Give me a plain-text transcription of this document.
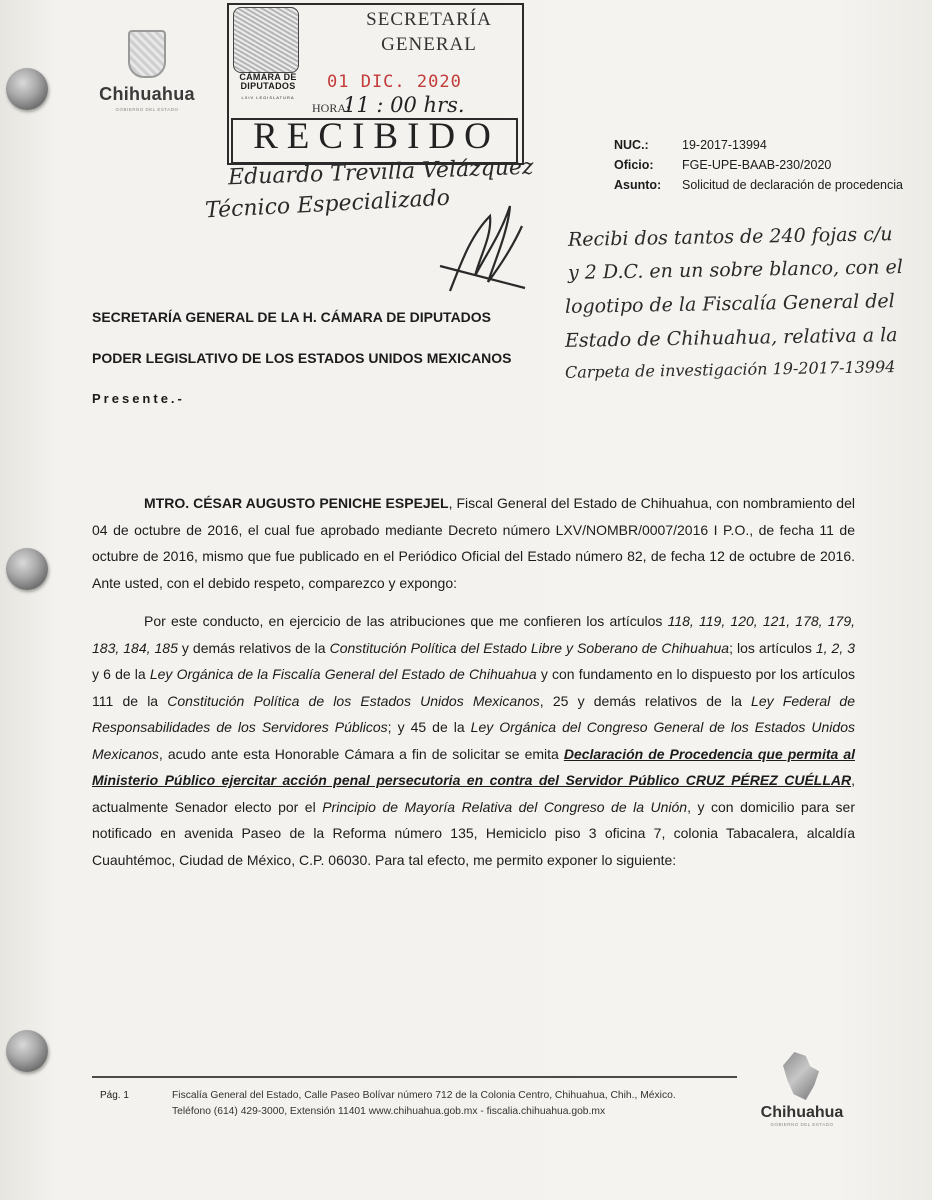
Chihuahua
GOBIERNO DEL ESTADO
CÁMARA DE
DIPUTADOS
LXIV LEGISLATURA
SECRETARÍA
GENERAL
01 DIC. 2020
HORA:
11 : 00 hrs.
RECIBIDO
Eduardo Trevilla Velázquez
Técnico Especializado
Recibi dos tantos de 240 fojas c/u
y 2 D.C. en un sobre blanco, con el
logotipo de la Fiscalía General del
Estado de Chihuahua, relativa a la
Carpeta de investigación 19-2017-13994
NUC.:	19-2017-13994
Oficio:	FGE-UPE-BAAB-230/2020
Asunto:	Solicitud de declaración de procedencia
SECRETARÍA GENERAL DE LA H. CÁMARA DE DIPUTADOS
PODER LEGISLATIVO DE LOS ESTADOS UNIDOS MEXICANOS
Presente.-

MTRO. CÉSAR AUGUSTO PENICHE ESPEJEL, Fiscal General del Estado de Chihuahua, con nombramiento del 04 de octubre de 2016, el cual fue aprobado mediante Decreto número LXV/NOMBR/0007/2016 I P.O., de fecha 11 de octubre de 2016, mismo que fue publicado en el Periódico Oficial del Estado número 82, de fecha 12 de octubre de 2016. Ante usted, con el debido respeto, comparezco y expongo:

Por este conducto, en ejercicio de las atribuciones que me confieren los artículos 118, 119, 120, 121, 178, 179, 183, 184, 185 y demás relativos de la Constitución Política del Estado Libre y Soberano de Chihuahua; los artículos 1, 2, 3 y 6 de la Ley Orgánica de la Fiscalía General del Estado de Chihuahua y con fundamento en lo dispuesto por los artículos 111 de la Constitución Política de los Estados Unidos Mexicanos, 25 y demás relativos de la Ley Federal de Responsabilidades de los Servidores Públicos; y 45 de la Ley Orgánica del Congreso General de los Estados Unidos Mexicanos, acudo ante esta Honorable Cámara a fin de solicitar se emita Declaración de Procedencia que permita al Ministerio Público ejercitar acción penal persecutoria en contra del Servidor Público CRUZ PÉREZ CUÉLLAR, actualmente Senador electo por el Principio de Mayoría Relativa del Congreso de la Unión, y con domicilio para ser notificado en avenida Paseo de la Reforma número 135, Hemiciclo piso 3 oficina 7, colonia Tabacalera, alcaldía Cuauhtémoc, Ciudad de México, C.P. 06030. Para tal efecto, me permito exponer lo siguiente:

Pág. 1	Fiscalía General del Estado, Calle Paseo Bolívar número 712 de la Colonia Centro, Chihuahua, Chih., México.
Teléfono (614) 429-3000, Extensión 11401 www.chihuahua.gob.mx - fiscalia.chihuahua.gob.mx	Chihuahua
GOBIERNO DEL ESTADO
